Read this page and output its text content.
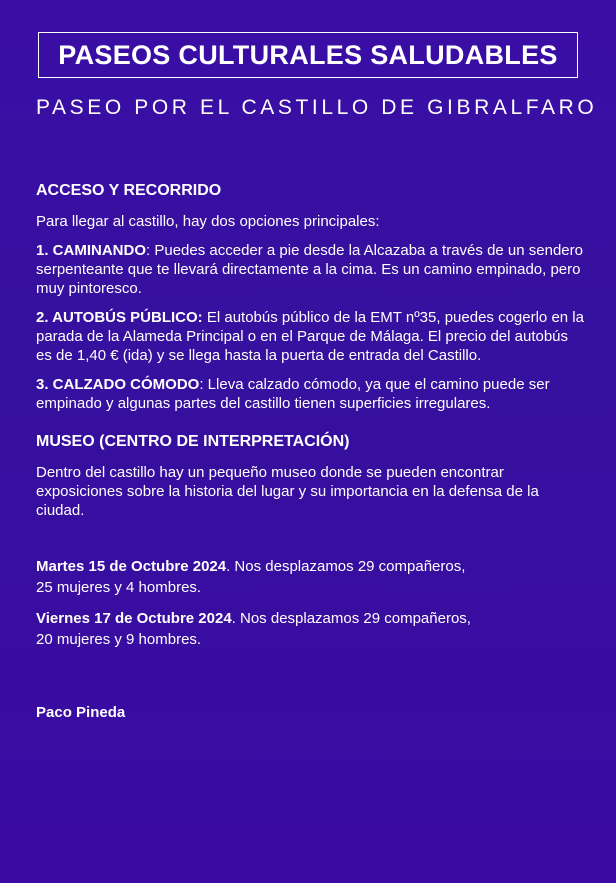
PASEOS CULTURALES SALUDABLES
PASEO POR EL CASTILLO DE GIBRALFARO
ACCESO Y RECORRIDO

Para llegar al castillo, hay dos opciones principales:

1. CAMINANDO: Puedes acceder a pie desde la Alcazaba a través de un sendero serpenteante que te llevará directamente a la cima. Es un camino empinado, pero muy pintoresco.

2. AUTOBÚS PÚBLICO: El autobús público de la EMT nº35, puedes cogerlo en la parada de la Alameda Principal o en el Parque de Málaga. El precio del autobús es de 1,40 € (ida) y se llega hasta la puerta de entrada del Castillo.

3. CALZADO CÓMODO: Lleva calzado cómodo, ya que el camino puede ser empinado y algunas partes del castillo tienen superficies irregulares.

MUSEO (CENTRO DE INTERPRETACIÓN)

Dentro del castillo hay un pequeño museo donde se pueden encontrar exposiciones sobre la historia del lugar y su importancia en la defensa de la ciudad.

Martes 15 de Octubre 2024. Nos desplazamos 29 compañeros,
25 mujeres y 4 hombres.

Viernes 17 de Octubre 2024. Nos desplazamos 29 compañeros,
20 mujeres y 9 hombres.

Paco Pineda
